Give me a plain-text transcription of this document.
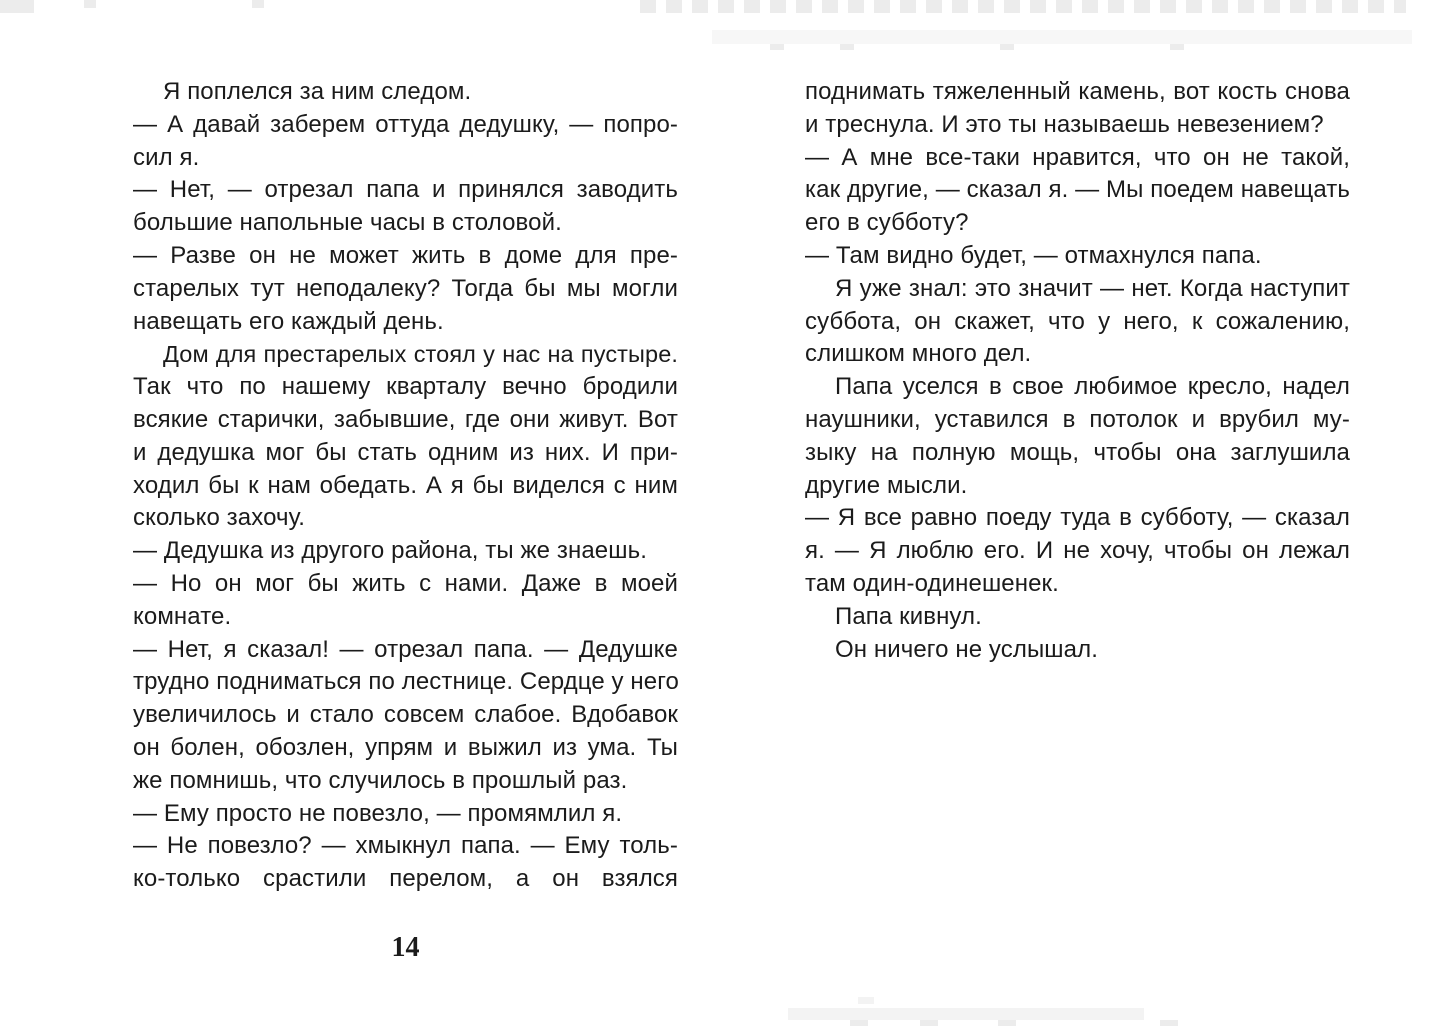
Я поплелся за ним следом.
— А давай заберем оттуда дедушку, — попро-
сил я.
— Нет, — отрезал папа и принялся заводить
большие напольные часы в столовой.
— Разве он не может жить в доме для пре-
старелых тут неподалеку? Тогда бы мы могли
навещать его каждый день.
Дом для престарелых стоял у нас на пустыре.
Так что по нашему кварталу вечно бродили
всякие старички, забывшие, где они живут. Вот
и дедушка мог бы стать одним из них. И при-
ходил бы к нам обедать. А я бы виделся с ним
сколько захочу.
— Дедушка из другого района, ты же знаешь.
— Но он мог бы жить с нами. Даже в моей
комнате.
— Нет, я сказал! — отрезал папа. — Дедушке
трудно подниматься по лестнице. Сердце у него
увеличилось и стало совсем слабое. Вдобавок
он болен, обозлен, упрям и выжил из ума. Ты
же помнишь, что случилось в прошлый раз.
— Ему просто не повезло, — промямлил я.
— Не повезло? — хмыкнул папа. — Ему толь-
ко-только срастили перелом, а он взялся
поднимать тяжеленный камень, вот кость снова
и треснула. И это ты называешь невезением?
— А мне все-таки нравится, что он не такой,
как другие, — сказал я. — Мы поедем навещать
его в субботу?
— Там видно будет, — отмахнулся папа.
Я уже знал: это значит — нет. Когда наступит
суббота, он скажет, что у него, к сожалению,
слишком много дел.
Папа уселся в свое любимое кресло, надел
наушники, уставился в потолок и врубил му-
зыку на полную мощь, чтобы она заглушила
другие мысли.
— Я все равно поеду туда в субботу, — сказал
я. — Я люблю его. И не хочу, чтобы он лежал
там один-одинешенек.
Папа кивнул.
Он ничего не услышал.
14
